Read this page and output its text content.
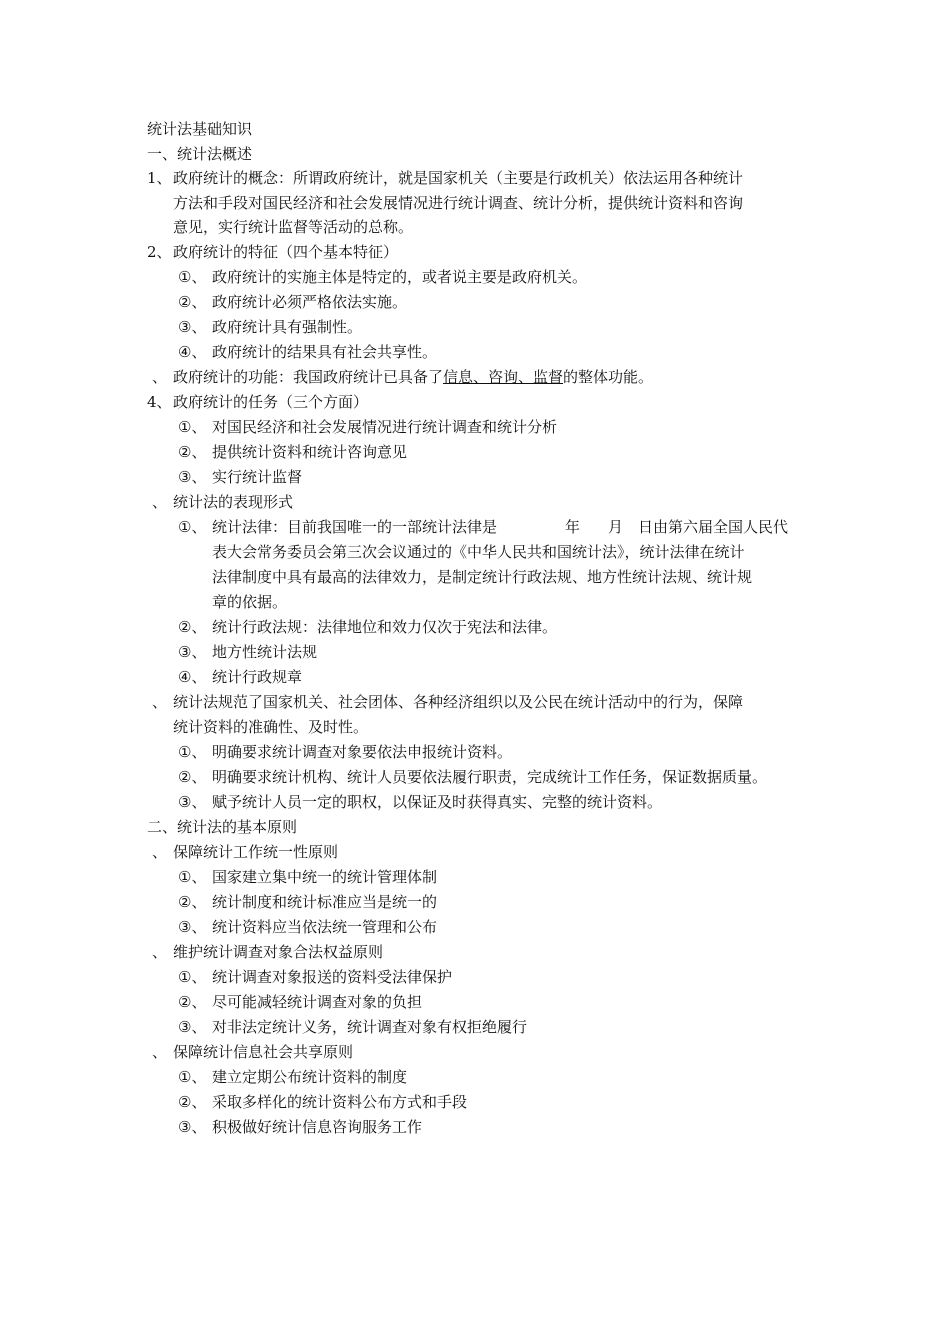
统计法基础知识
一、统计法概述
1、 政府统计的概念：所谓政府统计，就是国家机关（主要是行政机关）依法运用各种统计
方法和手段对国民经济和社会发展情况进行统计调查、统计分析，提供统计资料和咨询
意见，实行统计监督等活动的总称。
2、 政府统计的特征（四个基本特征）
①、 政府统计的实施主体是特定的，或者说主要是政府机关。
②、 政府统计必须严格依法实施。
③、 政府统计具有强制性。
④、 政府统计的结果具有社会共享性。
、 政府统计的功能：我国政府统计已具备了信息、咨询、监督的整体功能。
4、 政府统计的任务（三个方面）
①、 对国民经济和社会发展情况进行统计调查和统计分析
②、 提供统计资料和统计咨询意见
③、 实行统计监督
、 统计法的表现形式
①、 统计法律：目前我国唯一的一部统计法律是	年 月 日由第六届全国人民代
表大会常务委员会第三次会议通过的《中华人民共和国统计法》，统计法律在统计
法律制度中具有最高的法律效力，是制定统计行政法规、地方性统计法规、统计规
章的依据。
②、 统计行政法规：法律地位和效力仅次于宪法和法律。
③、 地方性统计法规
④、 统计行政规章
、 统计法规范了国家机关、社会团体、各种经济组织以及公民在统计活动中的行为，保障
统计资料的准确性、及时性。
①、 明确要求统计调查对象要依法申报统计资料。
②、 明确要求统计机构、统计人员要依法履行职责，完成统计工作任务，保证数据质量。
③、 赋予统计人员一定的职权，以保证及时获得真实、完整的统计资料。
二、统计法的基本原则
、 保障统计工作统一性原则
①、 国家建立集中统一的统计管理体制
②、 统计制度和统计标准应当是统一的
③、 统计资料应当依法统一管理和公布
、 维护统计调查对象合法权益原则
①、 统计调查对象报送的资料受法律保护
②、 尽可能减轻统计调查对象的负担
③、 对非法定统计义务，统计调查对象有权拒绝履行
、 保障统计信息社会共享原则
①、 建立定期公布统计资料的制度
②、 采取多样化的统计资料公布方式和手段
③、 积极做好统计信息咨询服务工作
